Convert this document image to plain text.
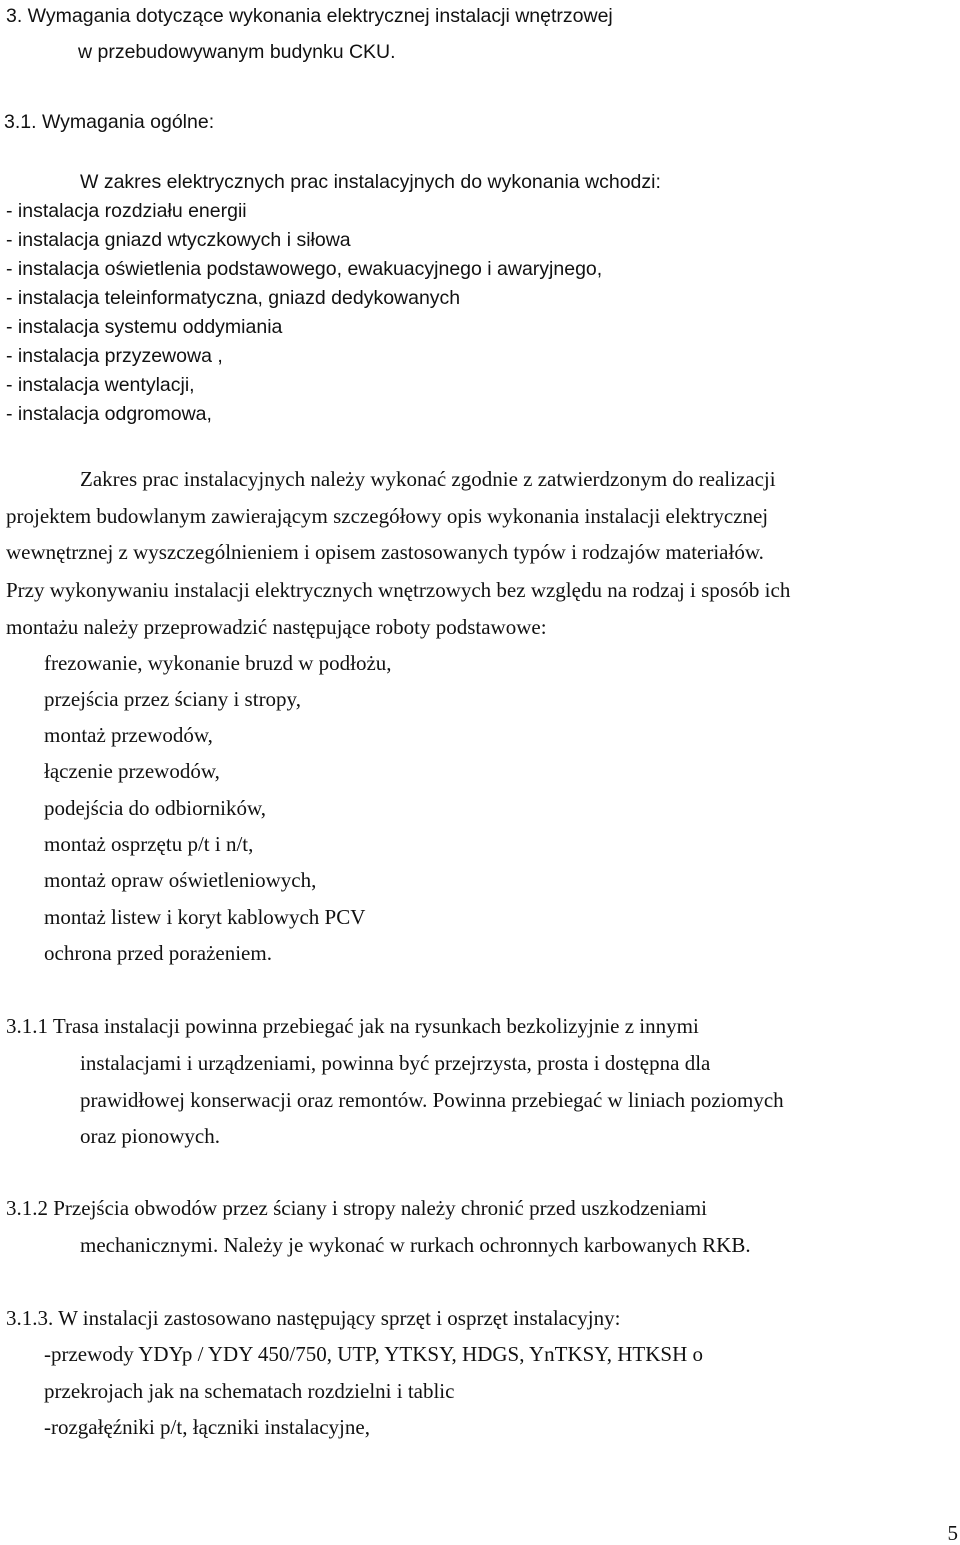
3. Wymagania dotyczące wykonania elektrycznej instalacji wnętrzowej
w przebudowywanym budynku CKU.
3.1. Wymagania ogólne:
W zakres elektrycznych prac instalacyjnych do wykonania wchodzi:
- instalacja rozdziału energii
- instalacja gniazd wtyczkowych i siłowa
- instalacja oświetlenia podstawowego, ewakuacyjnego i awaryjnego,
- instalacja teleinformatyczna, gniazd dedykowanych
- instalacja systemu oddymiania
- instalacja przyzewowa ,
- instalacja wentylacji,
- instalacja odgromowa,
Zakres prac instalacyjnych należy wykonać zgodnie z zatwierdzonym do realizacji
projektem budowlanym zawierającym szczegółowy opis wykonania instalacji elektrycznej
wewnętrznej z wyszczególnieniem i opisem zastosowanych typów i rodzajów materiałów.
Przy wykonywaniu instalacji elektrycznych wnętrzowych bez względu na rodzaj i sposób ich
montażu należy przeprowadzić następujące roboty podstawowe:
frezowanie, wykonanie bruzd w podłożu,
przejścia przez ściany i stropy,
montaż przewodów,
łączenie przewodów,
podejścia do odbiorników,
montaż osprzętu p/t i n/t,
montaż opraw oświetleniowych,
montaż listew i koryt kablowych PCV
ochrona przed porażeniem.
3.1.1 Trasa instalacji powinna przebiegać jak na rysunkach bezkolizyjnie z innymi
instalacjami i urządzeniami, powinna być przejrzysta, prosta i dostępna dla
prawidłowej konserwacji oraz remontów. Powinna przebiegać w liniach poziomych
oraz pionowych.
3.1.2 Przejścia obwodów przez ściany i stropy należy chronić przed uszkodzeniami
mechanicznymi. Należy je wykonać w rurkach ochronnych karbowanych RKB.
3.1.3. W instalacji zastosowano następujący sprzęt i osprzęt instalacyjny:
-przewody YDYp / YDY 450/750, UTP, YTKSY, HDGS, YnTKSY, HTKSH o
przekrojach jak na schematach rozdzielni i tablic
-rozgałęźniki p/t, łączniki instalacyjne,
5
